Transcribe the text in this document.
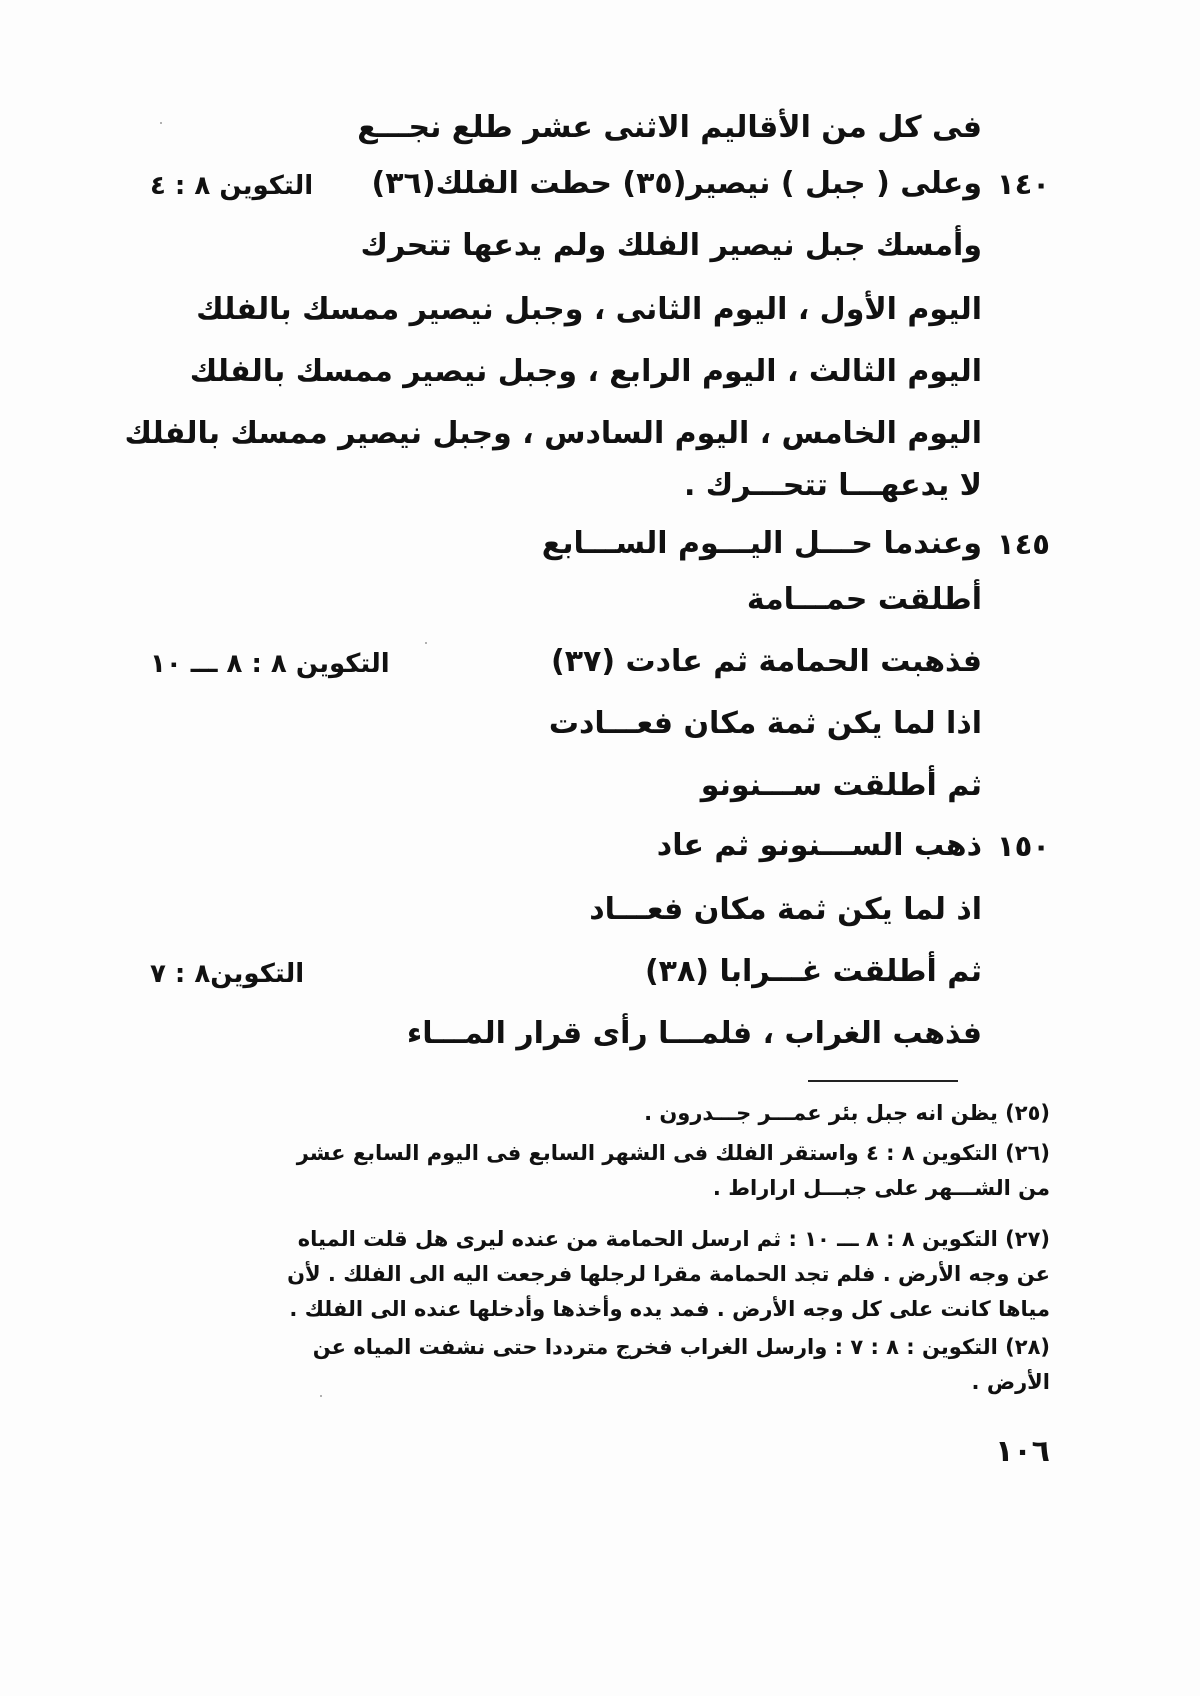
فى كل من الأقاليم الاثنى عشر طلع نجـــع
١٤٠
وعلى ( جبل ) نيصير(٣٥) حطت الفلك(٣٦)
التكوين ٨ : ٤
وأمسك جبل نيصير الفلك ولم يدعها تتحرك
اليوم الأول ، اليوم الثانى ، وجبل نيصير ممسك بالفلك
اليوم الثالث ، اليوم الرابع ، وجبل نيصير ممسك بالفلك
اليوم الخامس ، اليوم السادس ، وجبل نيصير ممسك بالفلك
لا يدعهـــا تتحـــرك .
١٤٥
وعندما حـــل اليـــوم الســـابع
أطلقت حمـــامة
فذهبت الحمامة ثم عادت (٣٧)
التكوين ٨ : ٨ ـــ ١٠
اذا لما يكن ثمة مكان فعـــادت
ثم أطلقت ســـنونو
١٥٠
ذهب الســـنونو ثم عاد
اذ لما يكن ثمة مكان فعـــاد
ثم أطلقت غـــرابا (٣٨)
التكوين٨ : ٧
فذهب الغراب ، فلمـــا رأى قرار المـــاء
(٢٥) يظن انه جبل بئر عمـــر جـــدرون .
(٢٦) التكوين ٨ : ٤ واستقر الفلك فى الشهر السابع فى اليوم السابع عشر
من الشـــهر على جبـــل اراراط .
(٢٧) التكوين ٨ : ٨ ـــ ١٠ : ثم ارسل الحمامة من عنده ليرى هل قلت المياه
عن وجه الأرض . فلم تجد الحمامة مقرا لرجلها فرجعت اليه الى الفلك . لأن
مياها كانت على كل وجه الأرض . فمد يده وأخذها وأدخلها عنده الى الفلك .
(٢٨) التكوين : ٨ : ٧ : وارسل الغراب فخرج مترددا حتى نشفت المياه عن
الأرض .
١٠٦
